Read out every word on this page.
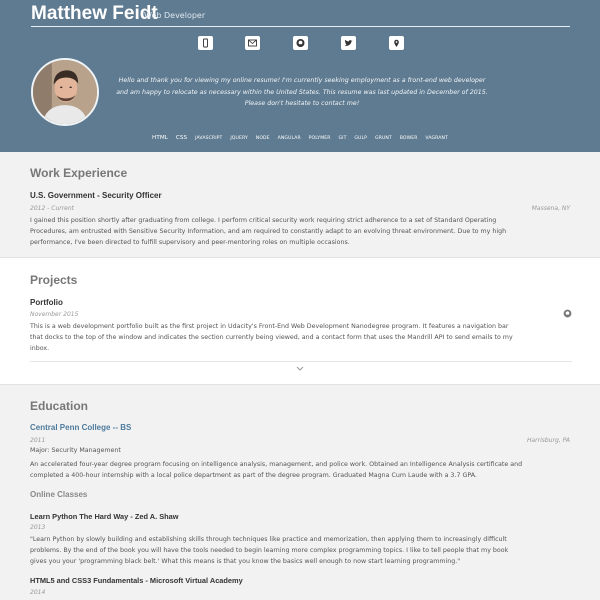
Matthew Feidt
Web Developer
Hello and thank you for viewing my online resume! I'm currently seeking employment as a front-end web developer
and am happy to relocate as necessary within the United States. This resume was last updated in December of 2015.
Please don't hesitate to contact me!
HTML CSS JAVASCRIPT JQUERY NODE ANGULAR POLYMER GIT GULP GRUNT BOWER VAGRANT
Work Experience
U.S. Government - Security Officer
2012 - Current	Massena, NY
I gained this position shortly after graduating from college. I perform critical security work requiring strict adherence to a set of Standard Operating
Procedures, am entrusted with Sensitive Security Information, and am required to constantly adapt to an evolving threat environment. Due to my high
performance, I've been directed to fulfill supervisory and peer-mentoring roles on multiple occasions.
Projects
Portfolio
November 2015
This is a web development portfolio built as the first project in Udacity's Front-End Web Development Nanodegree program. It features a navigation bar
that docks to the top of the window and indicates the section currently being viewed, and a contact form that uses the Mandrill API to send emails to my
inbox.
Education
Central Penn College -- BS
2011	Harrisburg, PA
Major: Security Management
An accelerated four-year degree program focusing on intelligence analysis, management, and police work. Obtained an Intelligence Analysis certificate and
completed a 400-hour internship with a local police department as part of the degree program. Graduated Magna Cum Laude with a 3.7 GPA.
Online Classes
Learn Python The Hard Way - Zed A. Shaw
2013
"Learn Python by slowly building and establishing skills through techniques like practice and memorization, then applying them to increasingly difficult
problems. By the end of the book you will have the tools needed to begin learning more complex programming topics. I like to tell people that my book
gives you your 'programming black belt.' What this means is that you know the basics well enough to now start learning programming."
HTML5 and CSS3 Fundamentals - Microsoft Virtual Academy
2014
